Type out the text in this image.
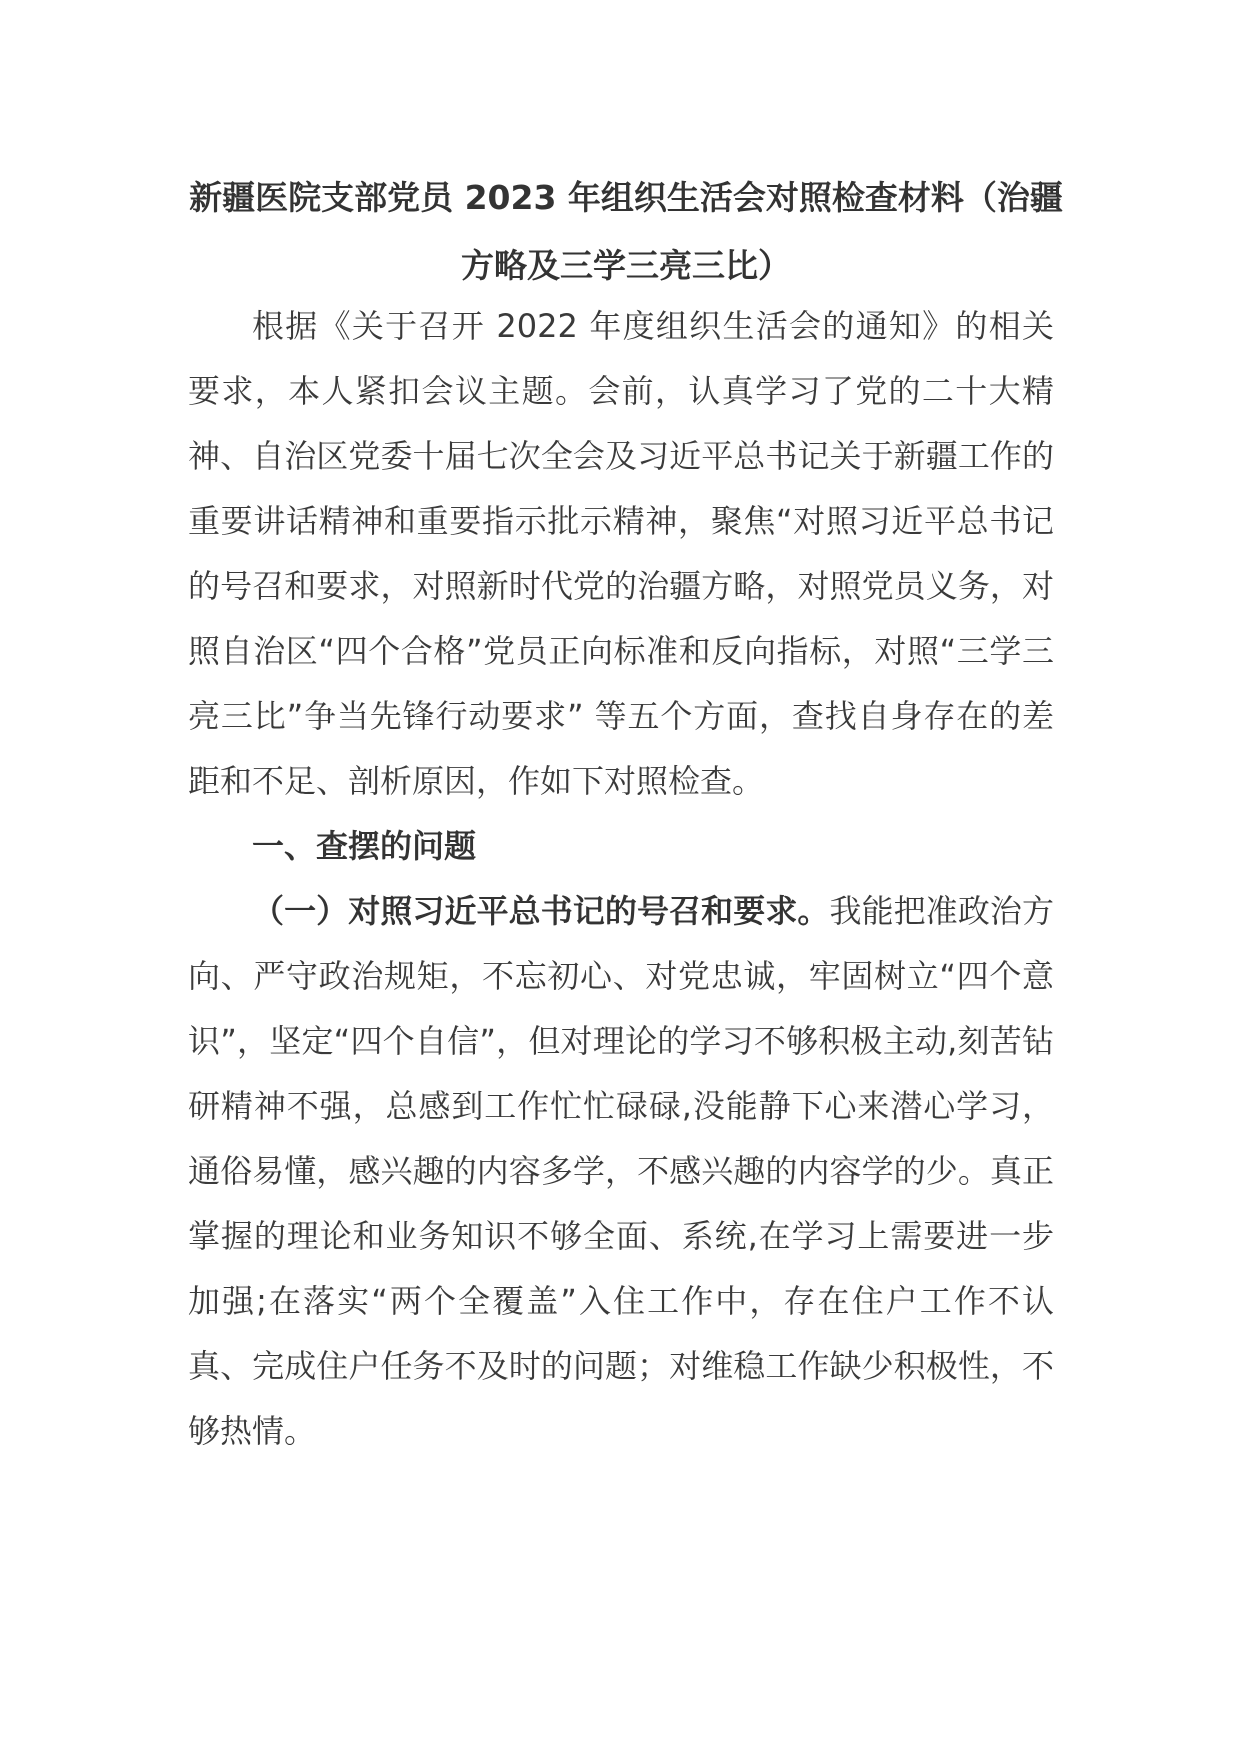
新疆医院支部党员 2023 年组织生活会对照检查材料（治疆方略及三学三亮三比）

根据《关于召开 2022 年度组织生活会的通知》的相关要求，本人紧扣会议主题。会前，认真学习了党的二十大精神、自治区党委十届七次全会及习近平总书记关于新疆工作的重要讲话精神和重要指示批示精神，聚焦“对照习近平总书记的号召和要求，对照新时代党的治疆方略，对照党员义务，对照自治区“四个合格”党员正向标准和反向指标，对照“三学三亮三比”争当先锋行动要求” 等五个方面，查找自身存在的差距和不足、剖析原因，作如下对照检查。

一、查摆的问题

（一）对照习近平总书记的号召和要求。我能把准政治方向、严守政治规矩，不忘初心、对党忠诚，牢固树立“四个意识”，坚定“四个自信”，但对理论的学习不够积极主动,刻苦钻研精神不强，总感到工作忙忙碌碌,没能静下心来潜心学习，通俗易懂，感兴趣的内容多学，不感兴趣的内容学的少。真正掌握的理论和业务知识不够全面、系统,在学习上需要进一步加强;在落实“两个全覆盖”入住工作中，存在住户工作不认真、完成住户任务不及时的问题；对维稳工作缺少积极性，不够热情。
